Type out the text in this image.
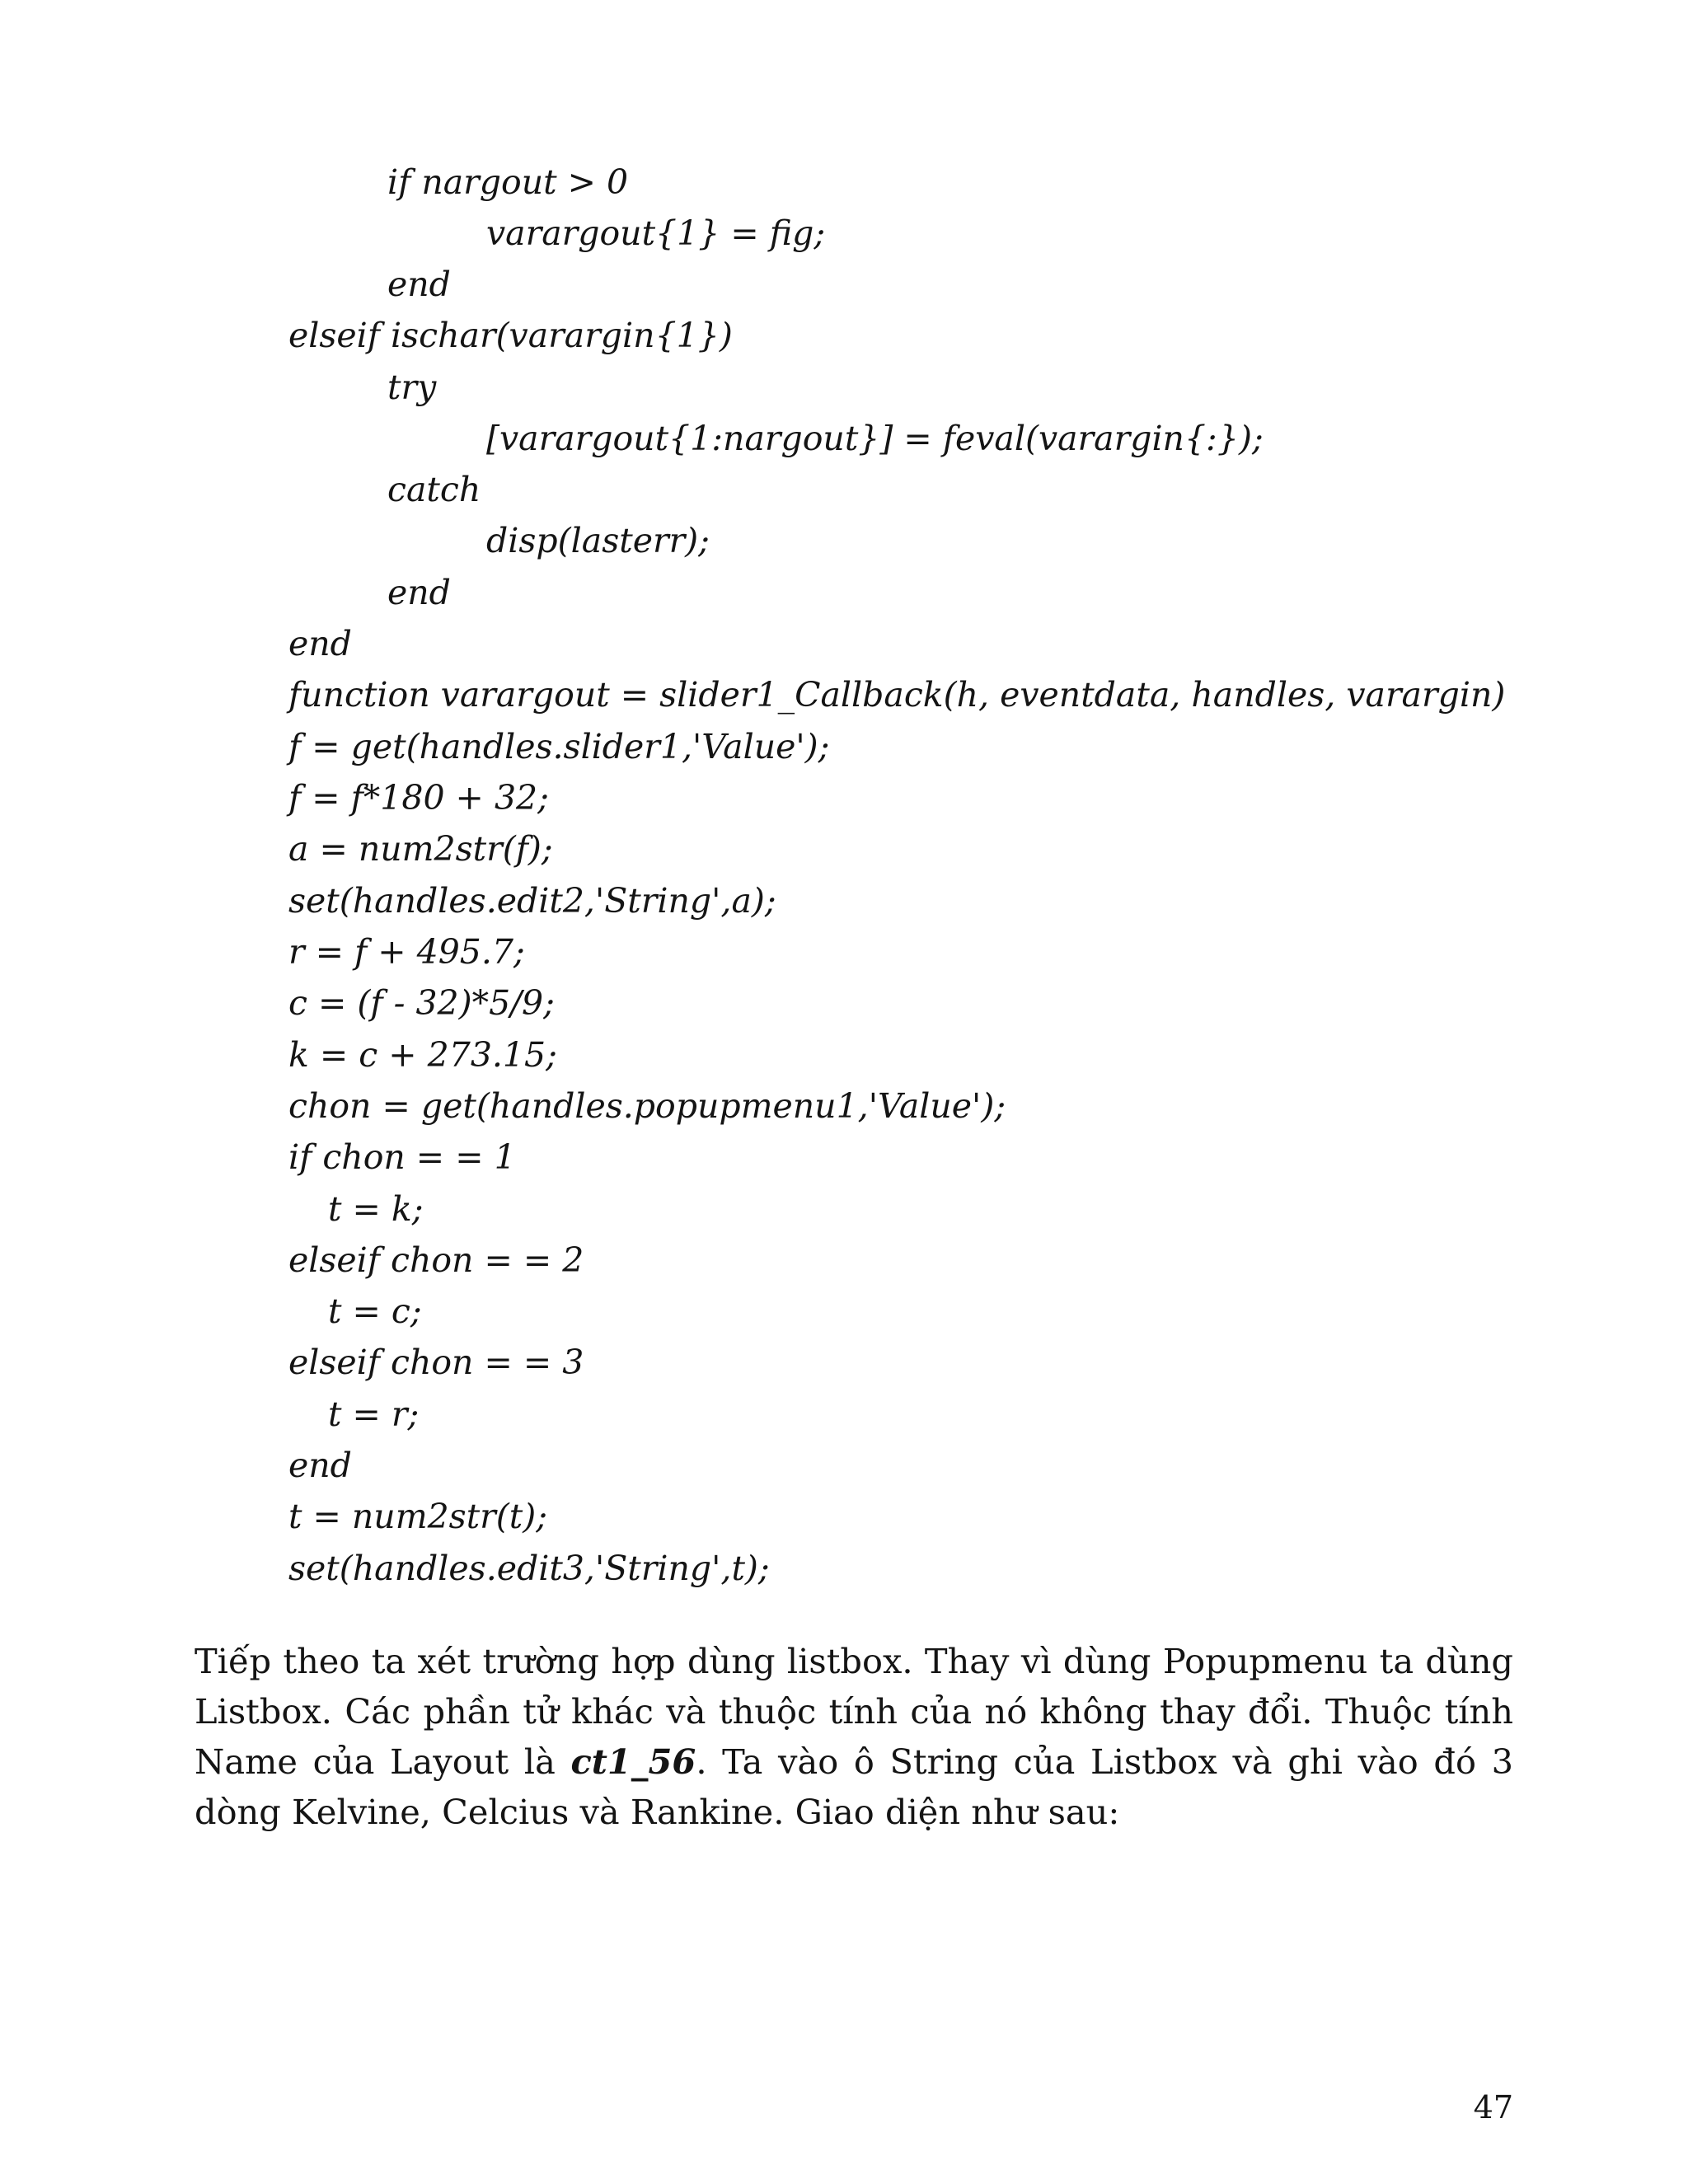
if nargout > 0
varargout{1} = fig;
end
elseif ischar(varargin{1})
try
[varargout{1:nargout}] = feval(varargin{:});
catch
disp(lasterr);
end
end
function varargout = slider1_Callback(h, eventdata, handles, varargin)
f = get(handles.slider1,'Value');
f = f*180 + 32;
a = num2str(f);
set(handles.edit2,'String',a);
r = f + 495.7;
c = (f - 32)*5/9;
k = c + 273.15;
chon = get(handles.popupmenu1,'Value');
if chon = = 1
t = k;
elseif chon = = 2
t = c;
elseif chon = = 3
t = r;
end
t = num2str(t);
set(handles.edit3,'String',t);

Tiếp theo ta xét trường hợp dùng listbox. Thay vì dùng Popupmenu ta dùng Listbox. Các phần tử khác và thuộc tính của nó không thay đổi. Thuộc tính Name của Layout là ct1_56. Ta vào ô String của Listbox và ghi vào đó 3 dòng Kelvine, Celcius và Rankine. Giao diện như sau:

47
